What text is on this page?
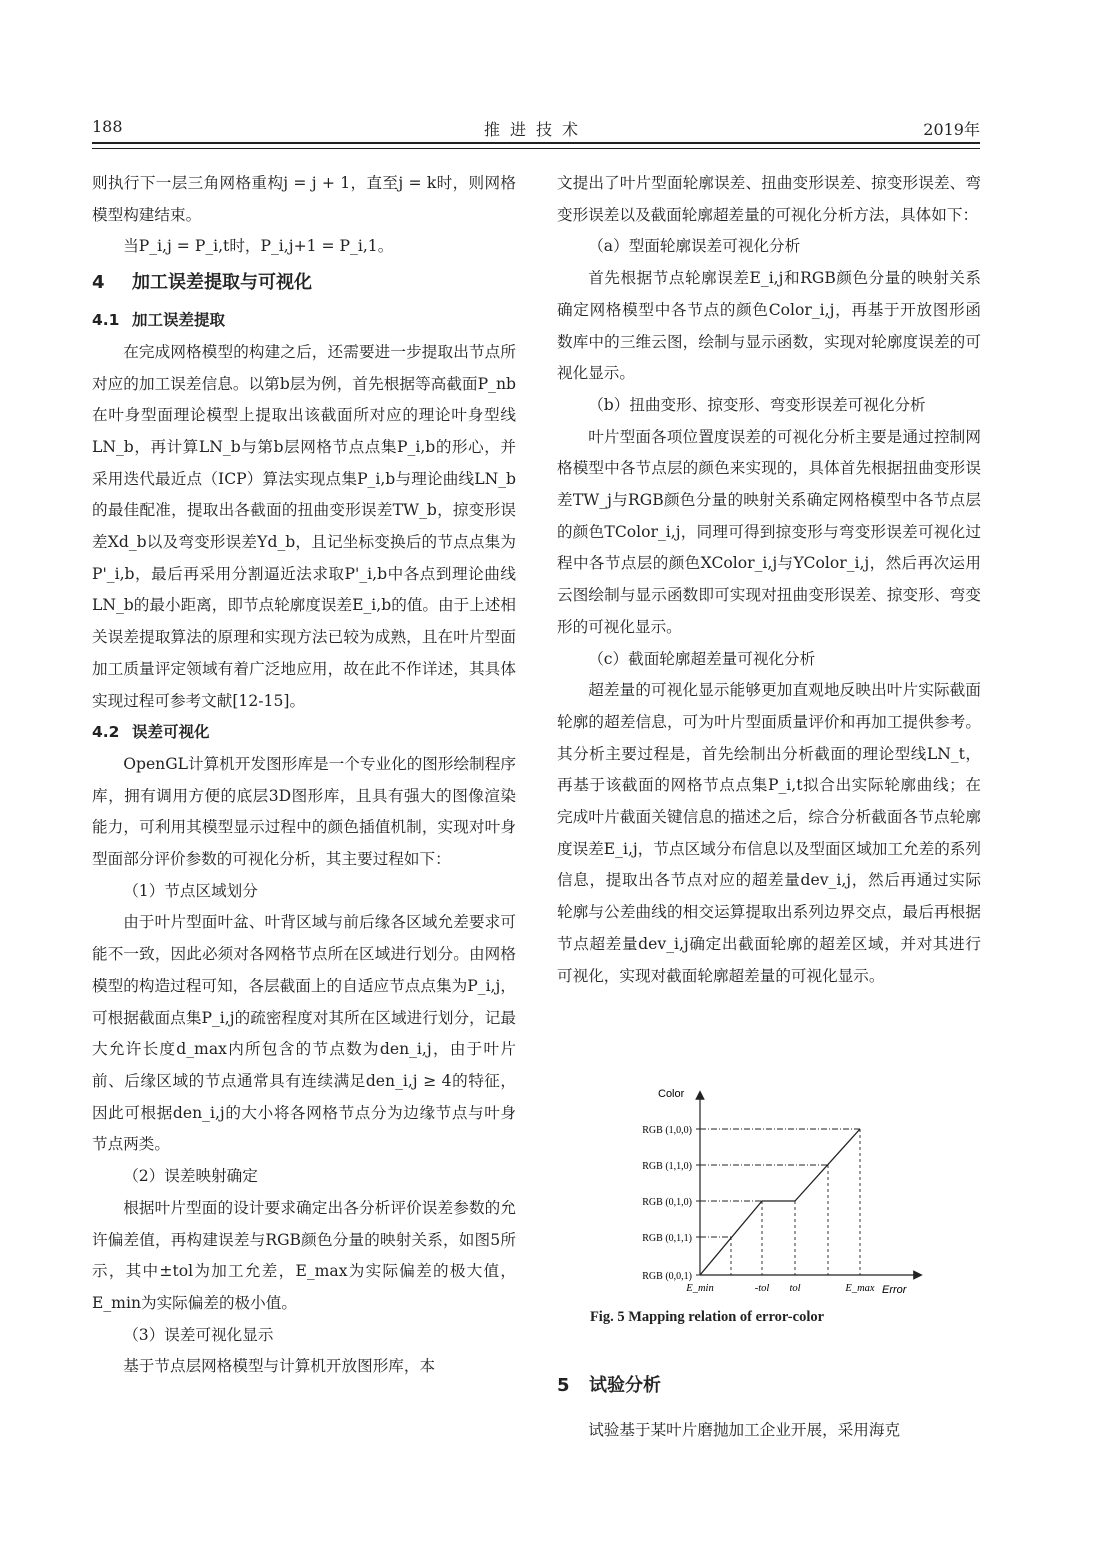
188	推进技术	2019年

则执行下一层三角网格重构j = j + 1，直至j = k时，则网格模型构建结束。

当P_i,j = P_i,t时，P_i,j+1 = P_i,1。

4 加工误差提取与可视化
4.1 加工误差提取

在完成网格模型的构建之后，还需要进一步提取出节点所对应的加工误差信息。以第b层为例，首先根据等高截面P_nb在叶身型面理论模型上提取出该截面所对应的理论叶身型线LN_b，再计算LN_b与第b层网格节点点集P_i,b的形心，并采用迭代最近点（ICP）算法实现点集P_i,b与理论曲线LN_b的最佳配准，提取出各截面的扭曲变形误差TW_b，掠变形误差Xd_b以及弯变形误差Yd_b，且记坐标变换后的节点点集为P'_i,b，最后再采用分割逼近法求取P'_i,b中各点到理论曲线LN_b的最小距离，即节点轮廓度误差E_i,b的值。由于上述相关误差提取算法的原理和实现方法已较为成熟，且在叶片型面加工质量评定领域有着广泛地应用，故在此不作详述，其具体实现过程可参考文献[12-15]。

4.2 误差可视化

OpenGL计算机开发图形库是一个专业化的图形绘制程序库，拥有调用方便的底层3D图形库，且具有强大的图像渲染能力，可利用其模型显示过程中的颜色插值机制，实现对叶身型面部分评价参数的可视化分析，其主要过程如下：

（1）节点区域划分

由于叶片型面叶盆、叶背区域与前后缘各区域允差要求可能不一致，因此必须对各网格节点所在区域进行划分。由网格模型的构造过程可知，各层截面上的自适应节点点集为P_i,j，可根据截面点集P_i,j的疏密程度对其所在区域进行划分，记最大允许长度d_max内所包含的节点数为den_i,j，由于叶片前、后缘区域的节点通常具有连续满足den_i,j ≥ 4的特征，因此可根据den_i,j的大小将各网格节点分为边缘节点与叶身节点两类。

（2）误差映射确定

根据叶片型面的设计要求确定出各分析评价误差参数的允许偏差值，再构建误差与RGB颜色分量的映射关系，如图5所示，其中±tol为加工允差，E_max为实际偏差的极大值，E_min为实际偏差的极小值。

（3）误差可视化显示

基于节点层网格模型与计算机开放图形库，本

文提出了叶片型面轮廓误差、扭曲变形误差、掠变形误差、弯变形误差以及截面轮廓超差量的可视化分析方法，具体如下：

（a）型面轮廓误差可视化分析

首先根据节点轮廓误差E_i,j和RGB颜色分量的映射关系确定网格模型中各节点的颜色Color_i,j，再基于开放图形函数库中的三维云图，绘制与显示函数，实现对轮廓度误差的可视化显示。

（b）扭曲变形、掠变形、弯变形误差可视化分析

叶片型面各项位置度误差的可视化分析主要是通过控制网格模型中各节点层的颜色来实现的，具体首先根据扭曲变形误差TW_j与RGB颜色分量的映射关系确定网格模型中各节点层的颜色TColor_i,j，同理可得到掠变形与弯变形误差可视化过程中各节点层的颜色XColor_i,j与YColor_i,j，然后再次运用云图绘制与显示函数即可实现对扭曲变形误差、掠变形、弯变形的可视化显示。

（c）截面轮廓超差量可视化分析

超差量的可视化显示能够更加直观地反映出叶片实际截面轮廓的超差信息，可为叶片型面质量评价和再加工提供参考。其分析主要过程是，首先绘制出分析截面的理论型线LN_t，再基于该截面的网格节点点集P_i,t拟合出实际轮廓曲线；在完成叶片截面关键信息的描述之后，综合分析截面各节点轮廓度误差E_i,j，节点区域分布信息以及型面区域加工允差的系列信息，提取出各节点对应的超差量dev_i,j，然后再通过实际轮廓与公差曲线的相交运算提取出系列边界交点，最后再根据节点超差量dev_i,j确定出截面轮廓的超差区域，并对其进行可视化，实现对截面轮廓超差量的可视化显示。

Color
Error
RGB (0,0,1)
RGB (0,1,1)
RGB (0,1,0)
RGB (1,1,0)
RGB (1,0,0)
E_min	-tol tol	E_max
Fig. 5 Mapping relation of error-color
5 试验分析

试验基于某叶片磨抛加工企业开展，采用海克
